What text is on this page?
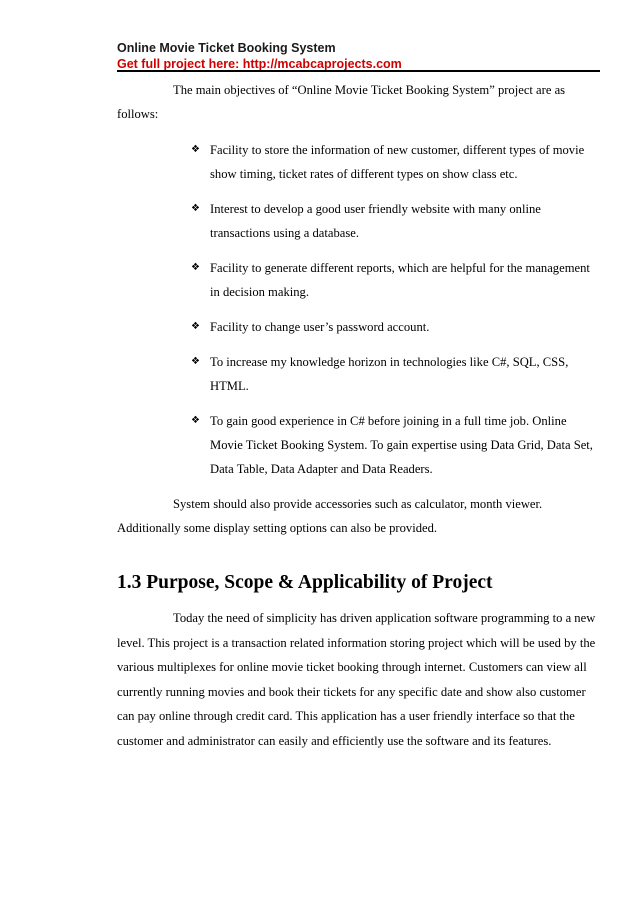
Online Movie Ticket Booking System
Get full project here: http://mcabcaprojects.com

The main objectives of “Online Movie Ticket Booking System” project are as follows:

❖ Facility to store the information of new customer, different types of movie show timing, ticket rates of different types on show class etc.
❖ Interest to develop a good user friendly website with many online transactions using a database.
❖ Facility to generate different reports, which are helpful for the management in decision making.
❖ Facility to change user’s password account.
❖ To increase my knowledge horizon in technologies like C#, SQL, CSS, HTML.
❖ To gain good experience in C# before joining in a full time job. Online Movie Ticket Booking System. To gain expertise using Data Grid, Data Set, Data Table, Data Adapter and Data Readers.

System should also provide accessories such as calculator, month viewer. Additionally some display setting options can also be provided.

1.3 Purpose, Scope & Applicability of Project

Today the need of simplicity has driven application software programming to a new level. This project is a transaction related information storing project which will be used by the various multiplexes for online movie ticket booking through internet. Customers can view all currently running movies and book their tickets for any specific date and show also customer can pay online through credit card. This application has a user friendly interface so that the customer and administrator can easily and efficiently use the software and its features.
